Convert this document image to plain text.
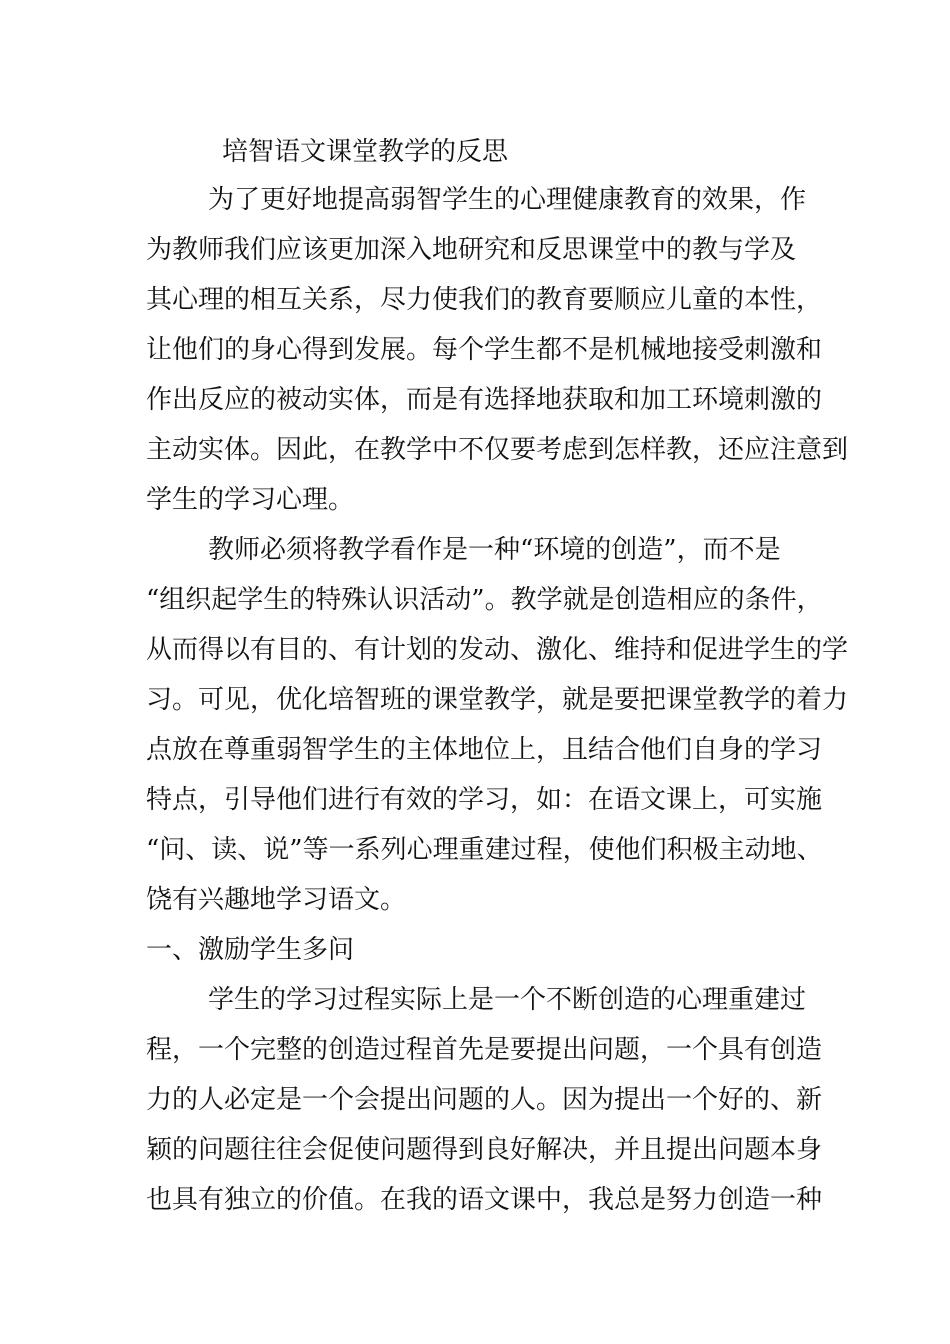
培智语文课堂教学的反思
为了更好地提高弱智学生的心理健康教育的效果，作
为教师我们应该更加深入地研究和反思课堂中的教与学及
其心理的相互关系，尽力使我们的教育要顺应儿童的本性，
让他们的身心得到发展。每个学生都不是机械地接受刺激和
作出反应的被动实体，而是有选择地获取和加工环境刺激的
主动实体。因此，在教学中不仅要考虑到怎样教，还应注意到
学生的学习心理。
教师必须将教学看作是一种“环境的创造”，而不是
“组织起学生的特殊认识活动”。教学就是创造相应的条件，
从而得以有目的、有计划的发动、激化、维持和促进学生的学
习。可见，优化培智班的课堂教学，就是要把课堂教学的着力
点放在尊重弱智学生的主体地位上，且结合他们自身的学习
特点，引导他们进行有效的学习，如：在语文课上，可实施
“问、读、说”等一系列心理重建过程，使他们积极主动地、
饶有兴趣地学习语文。
一、激励学生多问
学生的学习过程实际上是一个不断创造的心理重建过
程，一个完整的创造过程首先是要提出问题，一个具有创造
力的人必定是一个会提出问题的人。因为提出一个好的、新
颖的问题往往会促使问题得到良好解决，并且提出问题本身
也具有独立的价值。在我的语文课中，我总是努力创造一种
